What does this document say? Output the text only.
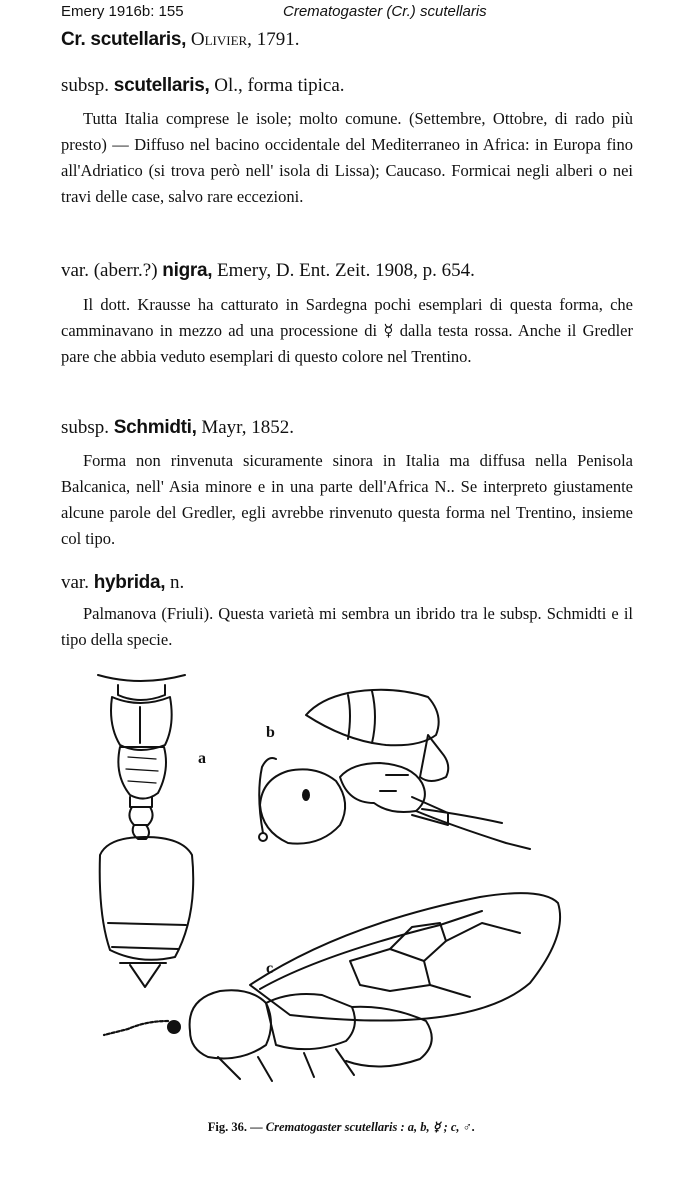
Emery 1916b: 155	Crematogaster (Cr.) scutellaris
Cr. scutellaris, Olivier, 1791.
subsp. scutellaris, Ol., forma tipica.

Tutta Italia comprese le isole; molto comune. (Settembre, Ottobre, di rado più presto) — Diffuso nel bacino occidentale del Mediterraneo in Africa: in Europa fino all'Adriatico (si trova però nell' isola di Lissa); Caucaso. Formicai negli alberi o nei travi delle case, salvo rare eccezioni.

var. (aberr.?) nigra, Emery, D. Ent. Zeit. 1908, p. 654.

Il dott. Krausse ha catturato in Sardegna pochi esemplari di questa forma, che camminavano in mezzo ad una processione di ☿ dalla testa rossa. Anche il Gredler pare che abbia veduto esemplari di questo colore nel Trentino.

subsp. Schmidti, Mayr, 1852.

Forma non rinvenuta sicuramente sinora in Italia ma diffusa nella Penisola Balcanica, nell' Asia minore e in una parte dell'Africa N.. Se interpreto giustamente alcune parole del Gredler, egli avrebbe rinvenuto questa forma nel Trentino, insieme col tipo.

var. hybrida, n.

Palmanova (Friuli). Questa varietà mi sembra un ibrido tra le subsp. Schmidti e il tipo della specie.

a
b
c
Fig. 36. — Crematogaster scutellaris : a, b, ☿ ; c, ♂.
